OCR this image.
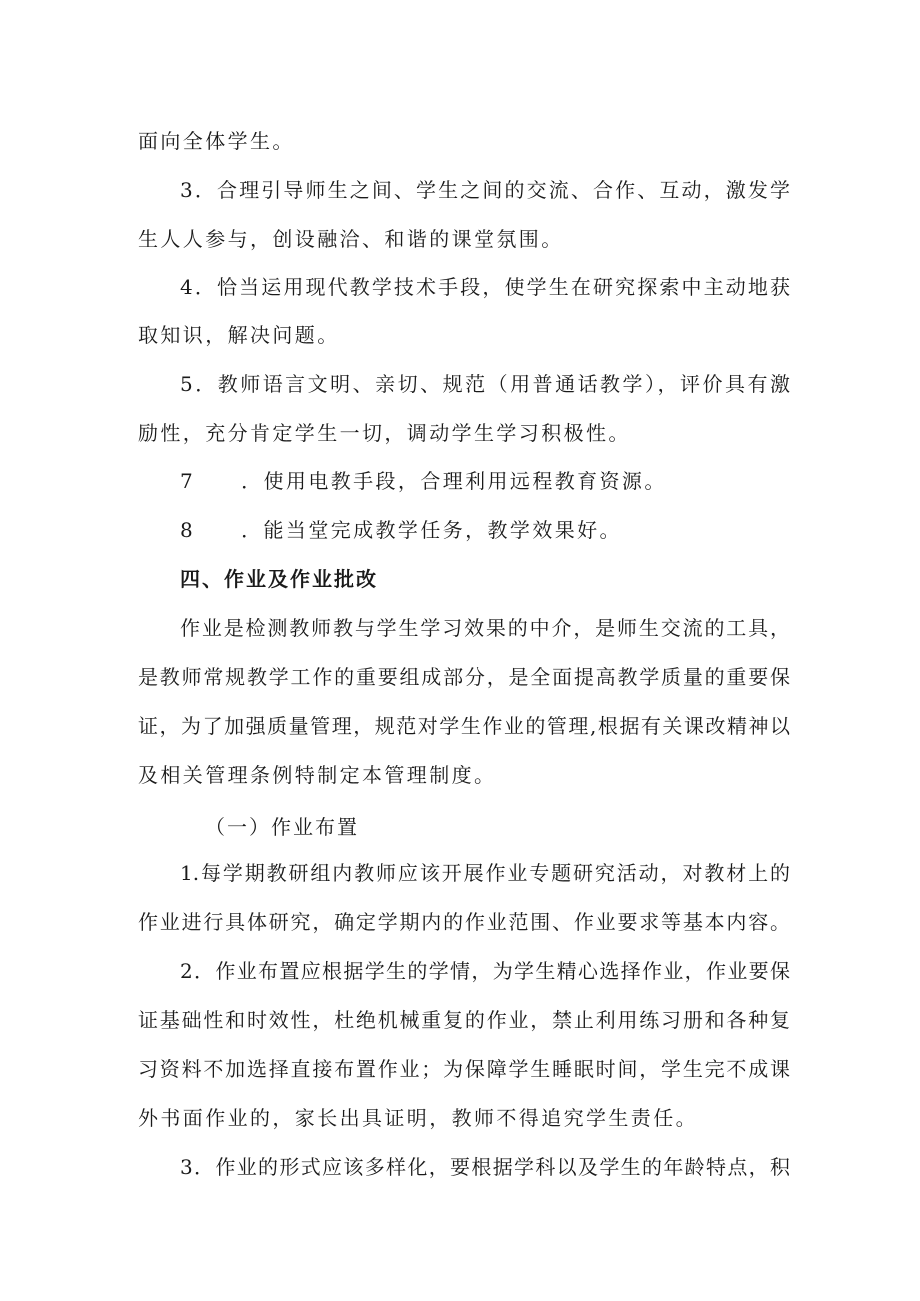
面向全体学生。
3．合理引导师生之间、学生之间的交流、合作、互动，激发学
生人人参与，创设融洽、和谐的课堂氛围。
4．恰当运用现代教学技术手段，使学生在研究探索中主动地获
取知识，解决问题。
5．教师语言文明、亲切、规范（用普通话教学），评价具有激
励性，充分肯定学生一切，调动学生学习积极性。
7 ．使用电教手段，合理利用远程教育资源。
8 ．能当堂完成教学任务，教学效果好。
四、作业及作业批改
作业是检测教师教与学生学习效果的中介，是师生交流的工具，
是教师常规教学工作的重要组成部分，是全面提高教学质量的重要保
证，为了加强质量管理，规范对学生作业的管理,根据有关课改精神以
及相关管理条例特制定本管理制度。
（一）作业布置
1.每学期教研组内教师应该开展作业专题研究活动，对教材上的
作业进行具体研究，确定学期内的作业范围、作业要求等基本内容。
2．作业布置应根据学生的学情，为学生精心选择作业，作业要保
证基础性和时效性，杜绝机械重复的作业，禁止利用练习册和各种复
习资料不加选择直接布置作业；为保障学生睡眠时间，学生完不成课
外书面作业的，家长出具证明，教师不得追究学生责任。
3．作业的形式应该多样化，要根据学科以及学生的年龄特点，积
